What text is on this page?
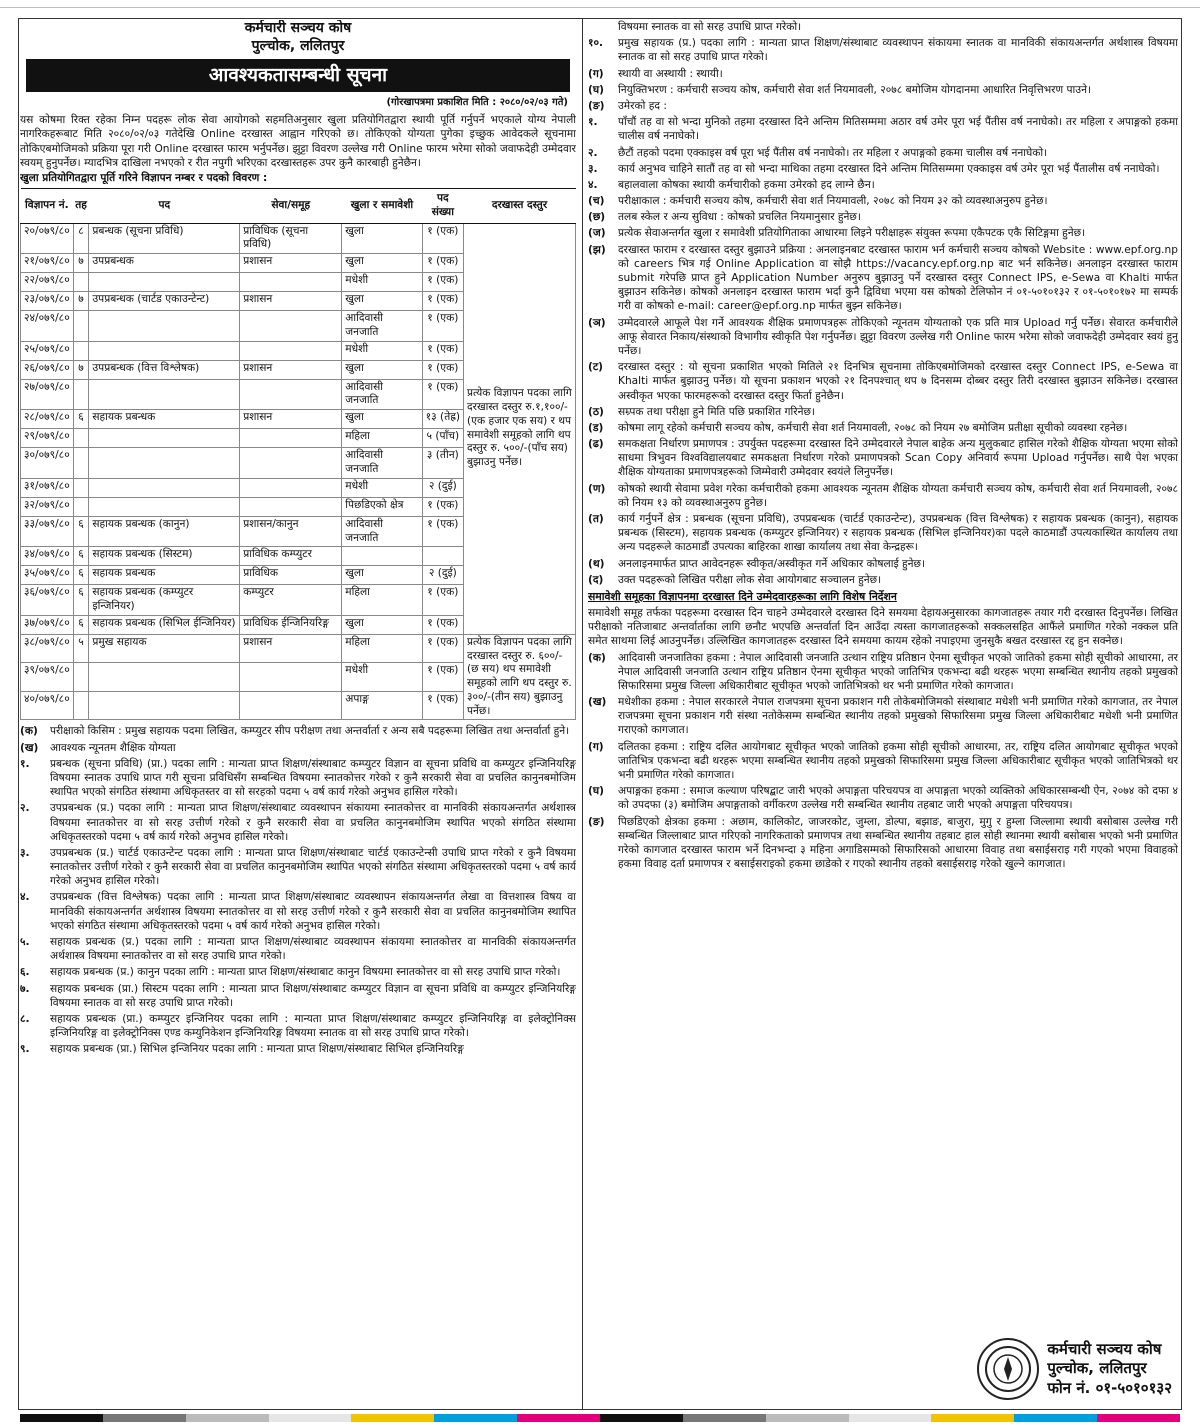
कर्मचारी सञ्चय कोष
पुल्चोक, ललितपुर
आवश्यकतासम्बन्धी सूचना
(गोरखापत्रमा प्रकाशित मिति : २०८०/०२/०३ गते)
यस कोषमा रिक्त रहेका निम्न पदहरू लोक सेवा आयोगको सहमतिअनुसार खुला प्रतियोगितद्वारा स्थायी पूर्ति गर्नुपर्ने भएकाले योग्य नेपाली नागरिकहरूबाट मिति २०८०/०२/०३ गतेदेखि Online दरखास्त आह्वान गरिएको छ। तोकिएको योग्यता पुगेका इच्छुक आवेदकले सूचनामा तोकिएबमोजिमको प्रक्रिया पूरा गरी Online दरखास्त फारम भर्नुपर्नेछ। झुट्टा विवरण उल्लेख गरी Online फारम भरेमा सोको जवाफदेही उम्मेदवार स्वयम् हुनुपर्नेछ। म्यादभित्र दाखिला नभएको र रीत नपुगी भरिएका दरखास्तहरू उपर कुनै कारबाही हुनेछैन।
खुला प्रतियोगितद्वारा पूर्ति गरिने विज्ञापन नम्बर र पदको विवरण :
विज्ञापन नं.	तह	पद	सेवा/समूह	खुला र समावेशी	पद संख्या	दरखास्त दस्तुर
२०/०७९/८०	८	प्रबन्धक (सूचना प्रविधि)	प्राविधिक (सूचना प्रविधि)	खुला	१ (एक)	प्रत्येक विज्ञापन पदका लागि दरखास्त दस्तुर रु.१,१००/-(एक हजार एक सय) र थप समावेशी समूहको लागि थप दस्तुर रु. ५००/-(पाँच सय) बुझाउनु पर्नेछ।
२१/०७९/८०	७	उपप्रबन्धक	प्रशासन	खुला	१ (एक)	
२२/०७९/८०				मधेशी	१ (एक)	
२३/०७९/८०	७	उपप्रबन्धक (चार्टड एकाउन्टेन्ट)	प्रशासन	खुला	१ (एक)	
२४/०७९/८०				आदिवासी जनजाति	१ (एक)	
२५/०७९/८०				मधेशी	१ (एक)	
२६/०७९/८०	७	उपप्रबन्धक (वित्त विश्लेषक)	प्रशासन	खुला	१ (एक)	
२७/०७९/८०				आदिवासी जनजाति	१ (एक)	
२८/०७९/८०	६	सहायक प्रबन्धक	प्रशासन	खुला	१३ (तेह्र)	
२९/०७९/८०				महिला	५ (पाँच)	
३०/०७९/८०				आदिवासी जनजाति	३ (तीन)	
३१/०७९/८०				मधेशी	२ (दुई)	
३२/०७९/८०				पिछडिएको क्षेत्र	१ (एक)	
३३/०७९/८०	६	सहायक प्रबन्धक (कानुन)	प्रशासन/कानुन	आदिवासी जनजाति	१ (एक)	
३४/०७९/८०	६	सहायक प्रबन्धक (सिस्टम)	प्राविधिक कम्प्युटर			
३५/०७९/८०	६	सहायक प्रबन्धक	प्राविधिक	खुला	२ (दुई)	
३६/०७९/८०	६	सहायक प्रबन्धक (कम्प्युटर इन्जिनियर)	कम्प्युटर	महिला	१ (एक)	
३७/०७९/८०	६	सहायक प्रबन्धक (सिभिल ईन्जिनियर)	प्राविधिक ईन्जिनियरिङ्ग	खुला	१ (एक)	
३८/०७९/८०	५	प्रमुख सहायक	प्रशासन	महिला	१ (एक)	प्रत्येक विज्ञापन पदका लागि दरखास्त दस्तुर रु. ६००/- (छ सय) थप समावेशी समूहको लागि थप दस्तुर रु. ३००/-(तीन सय) बुझाउनु पर्नेछ।
३९/०७९/८०				मधेशी	१ (एक)	
४०/०७९/८०				अपाङ्ग	१ (एक)	
(क)	परीक्षाको किसिम : प्रमुख सहायक पदमा लिखित, कम्प्युटर सीप परीक्षण तथा अन्तर्वार्ता र अन्य सबै पदहरूमा लिखित तथा अन्तर्वार्ता हुने।
(ख)	आवश्यक न्यूनतम शैक्षिक योग्यता
१.	प्रबन्धक (सूचना प्रविधि) (प्रा.) पदका लागि : मान्यता प्राप्त शिक्षण/संस्थाबाट कम्प्युटर विज्ञान वा सूचना प्रविधि वा कम्प्युटर इन्जिनियरिङ्ग विषयमा स्नातक उपाधि प्राप्त गरी सूचना प्रविधिसँग सम्बन्धित विषयमा स्नातकोत्तर गरेको र कुनै सरकारी सेवा वा प्रचलित कानुनबमोजिम स्थापित भएको संगठित संस्थामा अधिकृतस्तर वा सो सरहको पदमा ५ वर्ष कार्य गरेको अनुभव हासिल गरेको।
२.	उपप्रबन्धक (प्र.) पदका लागि : मान्यता प्राप्त शिक्षण/संस्थाबाट व्यवस्थापन संकायमा स्नातकोत्तर वा मानविकी संकायअन्तर्गत अर्थशास्त्र विषयमा स्नातकोत्तर वा सो सरह उत्तीर्ण गरेको र कुनै सरकारी सेवा वा प्रचलित कानुनबमोजिम स्थापित भएको संगठित संस्थामा अधिकृतस्तरको पदमा ५ वर्ष कार्य गरेको अनुभव हासिल गरेको।
३.	उपप्रबन्धक (प्र.) चार्टर्ड एकाउन्टेन्ट पदका लागि : मान्यता प्राप्त शिक्षण/संस्थाबाट चार्टर्ड एकाउन्टेन्सी उपाधि प्राप्त गरेको र कुनै विषयमा स्नातकोत्तर उत्तीर्ण गरेको र कुनै सरकारी सेवा वा प्रचलित कानुनबमोजिम स्थापित भएको संगठित संस्थामा अधिकृतस्तरको पदमा ५ वर्ष कार्य गरेको अनुभव हासिल गरेको।
४.	उपप्रबन्धक (वित्त विश्लेषक) पदका लागि : मान्यता प्राप्त शिक्षण/संस्थाबाट व्यवस्थापन संकायअन्तर्गत लेखा वा वित्तशास्त्र विषय वा मानविकी संकायअन्तर्गत अर्थशास्त्र विषयमा स्नातकोत्तर वा सो सरह उत्तीर्ण गरेको र कुनै सरकारी सेवा वा प्रचलित कानुनबमोजिम स्थापित भएको संगठित संस्थामा अधिकृतस्तरको पदमा ५ वर्ष कार्य गरेको अनुभव हासिल गरेको।
५.	सहायक प्रबन्धक (प्र.) पदका लागि : मान्यता प्राप्त शिक्षण/संस्थाबाट व्यवस्थापन संकायमा स्नातकोत्तर वा मानविकी संकायअन्तर्गत अर्थशास्त्र विषयमा स्नातकोत्तर वा सो सरह उपाधि प्राप्त गरेको।
६.	सहायक प्रबन्धक (प्र.) कानुन पदका लागि : मान्यता प्राप्त शिक्षण/संस्थाबाट कानुन विषयमा स्नातकोत्तर वा सो सरह उपाधि प्राप्त गरेको।
७.	सहायक प्रबन्धक (प्रा.) सिस्टम पदका लागि : मान्यता प्राप्त शिक्षण/संस्थाबाट कम्प्युटर विज्ञान वा सूचना प्रविधि वा कम्प्युटर इन्जिनियरिङ्ग विषयमा स्नातक वा सो सरह उपाधि प्राप्त गरेको।
८.	सहायक प्रबन्धक (प्रा.) कम्प्युटर इन्जिनियर पदका लागि : मान्यता प्राप्त शिक्षण/संस्थाबाट कम्प्युटर इन्जिनियरिङ्ग वा इलेक्ट्रोनिक्स इन्जिनियरिङ्ग वा इलेक्ट्रोनिक्स एण्ड कम्युनिकेशन इन्जिनियरिङ्ग विषयमा स्नातक वा सो सरह उपाधि प्राप्त गरेको।
९.	सहायक प्रबन्धक (प्रा.) सिभिल इन्जिनियर पदका लागि : मान्यता प्राप्त शिक्षण/संस्थाबाट सिभिल इन्जिनियरिङ्ग
विषयमा स्नातक वा सो सरह उपाधि प्राप्त गरेको।
१०.	प्रमुख सहायक (प्र.) पदका लागि : मान्यता प्राप्त शिक्षण/संस्थाबाट व्यवस्थापन संकायमा स्नातक वा मानविकी संकायअन्तर्गत अर्थशास्त्र विषयमा स्नातक वा सो सरह उपाधि प्राप्त गरेको।
(ग)	स्थायी वा अस्थायी : स्थायी।
(घ)	नियुक्तिभरण : कर्मचारी सञ्चय कोष, कर्मचारी सेवा शर्त नियमावली, २०७८ बमोजिम योगदानमा आधारित निवृत्तिभरण पाउने।
(ङ)	उमेरको हद :
१.	पाँचौं तह वा सो भन्दा मुनिको तहमा दरखास्त दिने अन्तिम मितिसम्ममा अठार वर्ष उमेर पूरा भई पैंतीस वर्ष ननाघेको। तर महिला र अपाङ्गको हकमा चालीस वर्ष ननाघेको।
२.	छैटौं तहको पदमा एक्काइस वर्ष पूरा भई पैंतीस वर्ष ननाघेको। तर महिला र अपाङ्गको हकमा चालीस वर्ष ननाघेको।
३.	कार्य अनुभव चाहिने सातौं तह वा सो भन्दा माथिका तहमा दरखास्त दिने अन्तिम मितिसम्ममा एक्काइस वर्ष उमेर पूरा भई पैंतालीस वर्ष ननाघेको।
४.	बहालवाला कोषका स्थायी कर्मचारीको हकमा उमेरको हद लाग्ने छैन।
(च)	परीक्षाकाल : कर्मचारी सञ्चय कोष, कर्मचारी सेवा शर्त नियमावली, २०७८ को नियम ३२ को व्यवस्थाअनुरुप हुनेछ।
(छ)	तलब स्केल र अन्य सुविधा : कोषको प्रचलित नियमानुसार हुनेछ।
(ज)	प्रत्येक सेवाअन्तर्गत खुला र समावेशी प्रतियोगिताका आधारमा लिइने परीक्षाहरू संयुक्त रूपमा एकैपटक एकै सिटिङ्गमा हुनेछ।
(झ)	दरखास्त फाराम र दरखास्त दस्तुर बुझाउने प्रक्रिया : अनलाइनबाट दरखास्त फाराम भर्न कर्मचारी सञ्चय कोषको Website : www.epf.org.np को careers भित्र गई Online Application वा सोझै https://vacancy.epf.org.np बाट भर्न सकिनेछ। अनलाइन दरखास्त फाराम submit गरेपछि प्राप्त हुने Application Number अनुरुप बुझाउनु पर्ने दरखास्त दस्तुर Connect IPS, e-Sewa वा Khalti मार्फत बुझाउन सकिनेछ। कोषको अनलाइन दरखास्त फाराम भर्दा कुनै द्विविधा भएमा यस कोषको टेलिफोन नं ०१-५०१०१३२ र ०१-५०१०१७२ मा सम्पर्क गरी वा कोषको e-mail: career@epf.org.np मार्फत बुझ्न सकिनेछ।
(ञ)	उम्मेदवारले आफूले पेश गर्ने आवश्यक शैक्षिक प्रमाणपत्रहरू तोकिएको न्यूनतम योग्यताको एक प्रति मात्र Upload गर्नु पर्नेछ। सेवारत कर्मचारीले आफू सेवारत निकाय/संस्थाको विभागीय स्वीकृति पेश गर्नुपर्नेछ। झुट्टा विवरण उल्लेख गरी Online फारम भरेमा सोको जवाफदेही उम्मेदवार स्वयं हुनु पर्नेछ।
(ट)	दरखास्त दस्तुर : यो सूचना प्रकाशित भएको मितिले २१ दिनभित्र सूचनामा तोकिएबमोजिमको दरखास्त दस्तुर Connect IPS, e-Sewa वा Khalti मार्फत बुझाउनु पर्नेछ। यो सूचना प्रकाशन भएको २१ दिनपश्चात् थप ७ दिनसम्म दोब्बर दस्तुर तिरी दरखास्त बुझाउन सकिनेछ। दरखास्त अस्वीकृत भएका फारमहरूको दरखास्त दस्तुर फिर्ता हुनेछैन।
(ठ)	सम्र्पक तथा परीक्षा हुने मिति पछि प्रकाशित गरिनेछ।
(ड)	कोषमा लागू रहेको कर्मचारी सञ्चय कोष, कर्मचारी सेवा शर्त नियमावली, २०७८ को नियम २७ बमोजिम प्रतीक्षा सूचीको व्यवस्था रहनेछ।
(ढ)	समकक्षता निर्धारण प्रमाणपत्र : उपर्युक्त पदहरूमा दरखास्त दिने उम्मेदवारले नेपाल बाहेक अन्य मुलुकबाट हासिल गरेको शैक्षिक योग्यता भएमा सोको साधमा त्रिभुवन विश्वविद्यालयबाट समकक्षता निर्धारण गरेको प्रमाणपत्रको Scan Copy अनिवार्य रूपमा Upload गर्नुपर्नेछ। साथै पेश भएका शैक्षिक योग्यताका प्रमाणपत्रहरूको जिम्मेवारी उम्मेदवार स्वयंले लिनुपर्नेछ।
(ण)	कोषको स्थायी सेवामा प्रवेश गरेका कर्मचारीको हकमा आवश्यक न्यूनतम शैक्षिक योग्यता कर्मचारी सञ्चय कोष, कर्मचारी सेवा शर्त नियमावली, २०७८ को नियम १३ को व्यवस्थाअनुरुप हुनेछ।
(त)	कार्य गर्नुपर्ने क्षेत्र : प्रबन्धक (सूचना प्रविधि), उपप्रबन्धक (चार्टर्ड एकाउन्टेन्ट), उपप्रबन्धक (वित्त विश्लेषक) र सहायक प्रबन्धक (कानुन), सहायक प्रबन्धक (सिस्टम), सहायक प्रबन्धक (कम्प्युटर इन्जिनियर) र सहायक प्रबन्धक (सिभिल इन्जिनियर)का पदले काठमाडौं उपत्यकास्थित कार्यालय तथा अन्य पदहरूले काठमाडौं उपत्यका बाहिरका शाखा कार्यालय तथा सेवा केन्द्रहरू।
(थ)	अनलाइनमार्फत प्राप्त आवेदनहरू स्वीकृत/अस्वीकृत गर्ने अधिकार कोषलाई हुनेछ।
(द)	उक्त पदहरूको लिखित परीक्षा लोक सेवा आयोगबाट सञ्चालन हुनेछ।
समावेशी समूहका विज्ञापनमा दरखास्त दिने उम्मेदवारहरूका लागि विशेष निर्देशन
समावेशी समूह तर्फका पदहरूमा दरखास्त दिन चाहने उम्मेदवारले दरखास्त दिने समयमा देहायअनुसारका कागजातहरू तयार गरी दरखास्त दिनुपर्नेछ। लिखित परीक्षाको नतिजाबाट अन्तर्वार्ताका लागि छनौट भएपछि अन्तर्वार्ता दिन आउँदा त्यस्ता कागजातहरूको सक्कलसहित आफैंले प्रमाणित गरेको नक्कल प्रति समेत साथमा लिई आउनुपर्नेछ। उल्लिखित कागजातहरू दरखास्त दिने समयमा कायम रहेको नपाइएमा जुनसुकै बखत दरखास्त रद्द हुन सक्नेछ।
(क)	आदिवासी जनजातिका हकमा : नेपाल आदिवासी जनजाति उत्थान राष्ट्रिय प्रतिष्ठान ऐनमा सूचीकृत भएको जातिको हकमा सोही सूचीको आधारमा, तर नेपाल आदिवासी जनजाति उत्थान राष्ट्रिय प्रतिष्ठान ऐनमा सूचीकृत भएको जातिभित्र एकभन्दा बढी थरहरू भएमा सम्बन्धित स्थानीय तहको प्रमुखको सिफारिसमा प्रमुख जिल्ला अधिकारीबाट सूचीकृत भएको जातिभित्रको थर भनी प्रमाणित गरेको कागजात।
(ख)	मधेशीका हकमा : नेपाल सरकारले नेपाल राजपत्रमा सूचना प्रकाशन गरी तोकेबमोजिमको संस्थाबाट मधेशी भनी प्रमाणित गरेको कागजात, तर नेपाल राजपत्रमा सूचना प्रकाशन गरी संस्था नतोकेसम्म सम्बन्धित स्थानीय तहको प्रमुखको सिफारिसमा प्रमुख जिल्ला अधिकारीबाट मधेशी भनी प्रमाणित गराएको कागजात।
(ग)	दलितका हकमा : राष्ट्रिय दलित आयोगबाट सूचीकृत भएको जातिको हकमा सोही सूचीको आधारमा, तर, राष्ट्रिय दलित आयोगबाट सूचीकृत भएको जातिभित्र एकभन्दा बढी थरहरू भएमा सम्बन्धित स्थानीय तहको प्रमुखको सिफारिसमा प्रमुख जिल्ला अधिकारीबाट सूचीकृत भएको जातिभित्रको थर भनी प्रमाणित गरेको कागजात।
(घ)	अपाङ्गका हकमा : समाज कल्याण परिषद्बाट जारी भएको अपाङ्गता परिचयपत्र वा अपाङ्गता भएको व्यक्तिको अधिकारसम्बन्धी ऐन, २०७४ को दफा ४ को उपदफा (३) बमोजिम अपाङ्गताको वर्गीकरण उल्लेख गरी सम्बन्धित स्थानीय तहबाट जारी भएको अपाङ्गता परिचयपत्र।
(ङ)	पिछडिएको क्षेत्रका हकमा : अछाम, कालिकोट, जाजरकोट, जुम्ला, डोल्पा, बझाङ, बाजुरा, मुगु र हुम्ला जिल्लामा स्थायी बसोबास उल्लेख गरी सम्बन्धित जिल्लाबाट प्राप्त गरिएको नागरिकताको प्रमाणपत्र तथा सम्बन्धित स्थानीय तहबाट हाल सोही स्थानमा स्थायी बसोबास भएको भनी प्रमाणित गरेको कागजात दरखास्त फाराम भर्ने दिनभन्दा ३ महिना अगाडिसम्मको सिफारिसको आधारमा विवाह तथा बसाईसराइ गरी गएको भएमा विवाहको हकमा विवाह दर्ता प्रमाणपत्र र बसाईसराइको हकमा छाडेको र गएको स्थानीय तहको बसाईसराइ गरेको खुल्ने कागजात।
कर्मचारी सञ्चय कोष
पुल्चोक, ललितपुर
फोन नं. ०१-५०१०१३२
